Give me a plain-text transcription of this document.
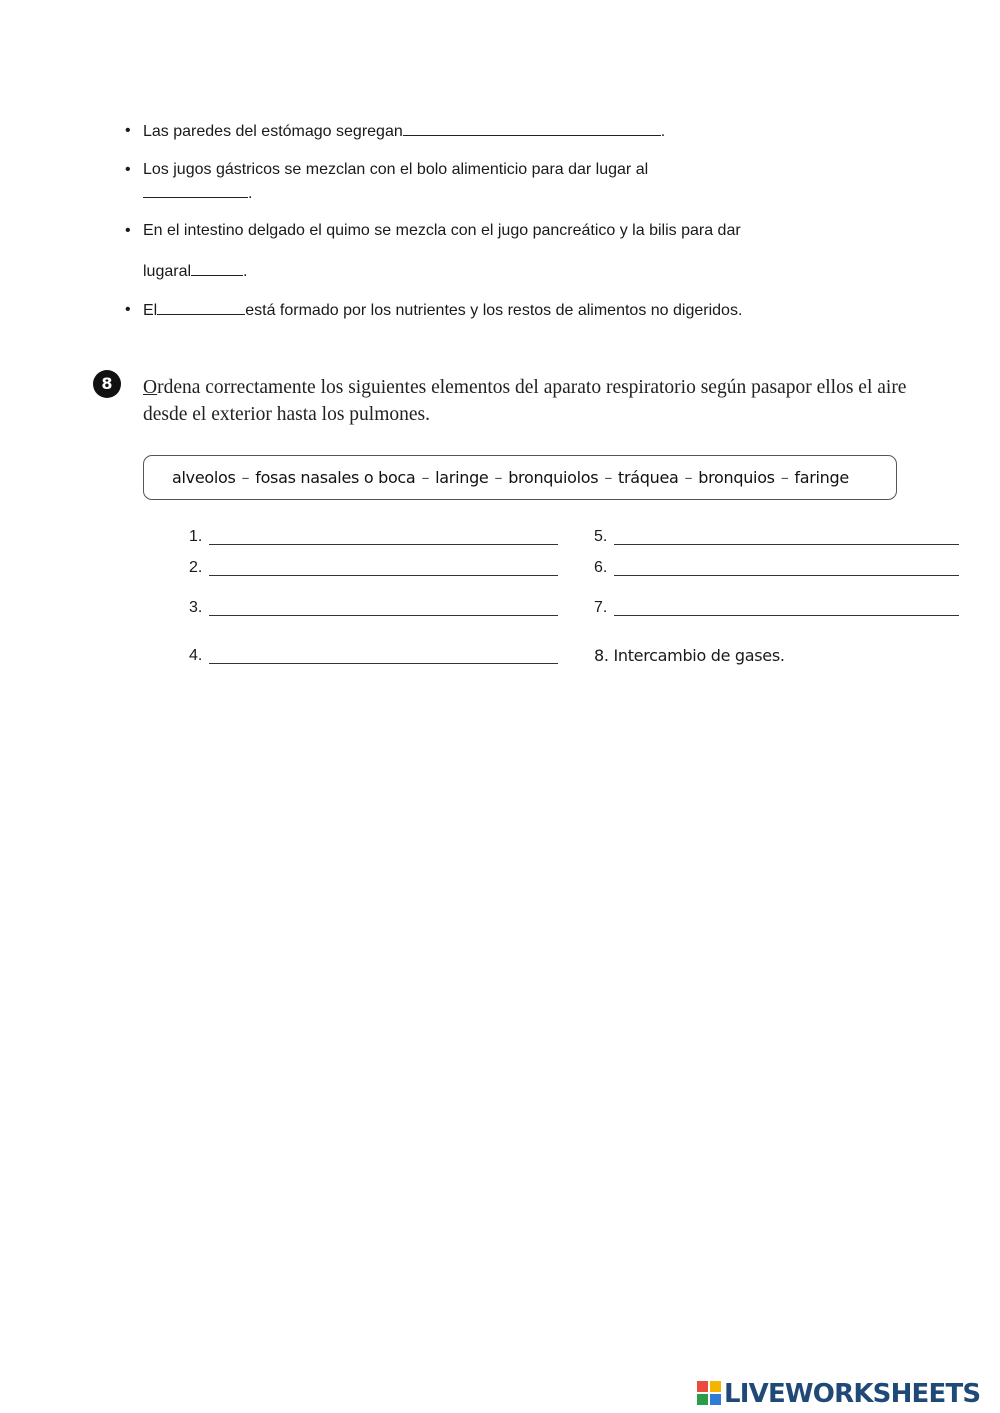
• Las paredes del estómago segregan	.
• Los jugos gástricos se mezclan con el bolo alimenticio para dar lugar al
.
• En el intestino delgado el quimo se mezcla con el jugo pancreático y la bilis para dar
lugaral	.
• El	está formado por los nutrientes y los restos de alimentos no digeridos.
8	Ordena correctamente los siguientes elementos del aparato respiratorio según pasapor ellos el aire desde el exterior hasta los pulmones.
alveolos – fosas nasales o boca – laringe – bronquiolos – tráquea – bronquios – faringe
1.
2.
3.
4.
5.
6.
7.
8. Intercambio de gases.
LIVEWORKSHEETS
